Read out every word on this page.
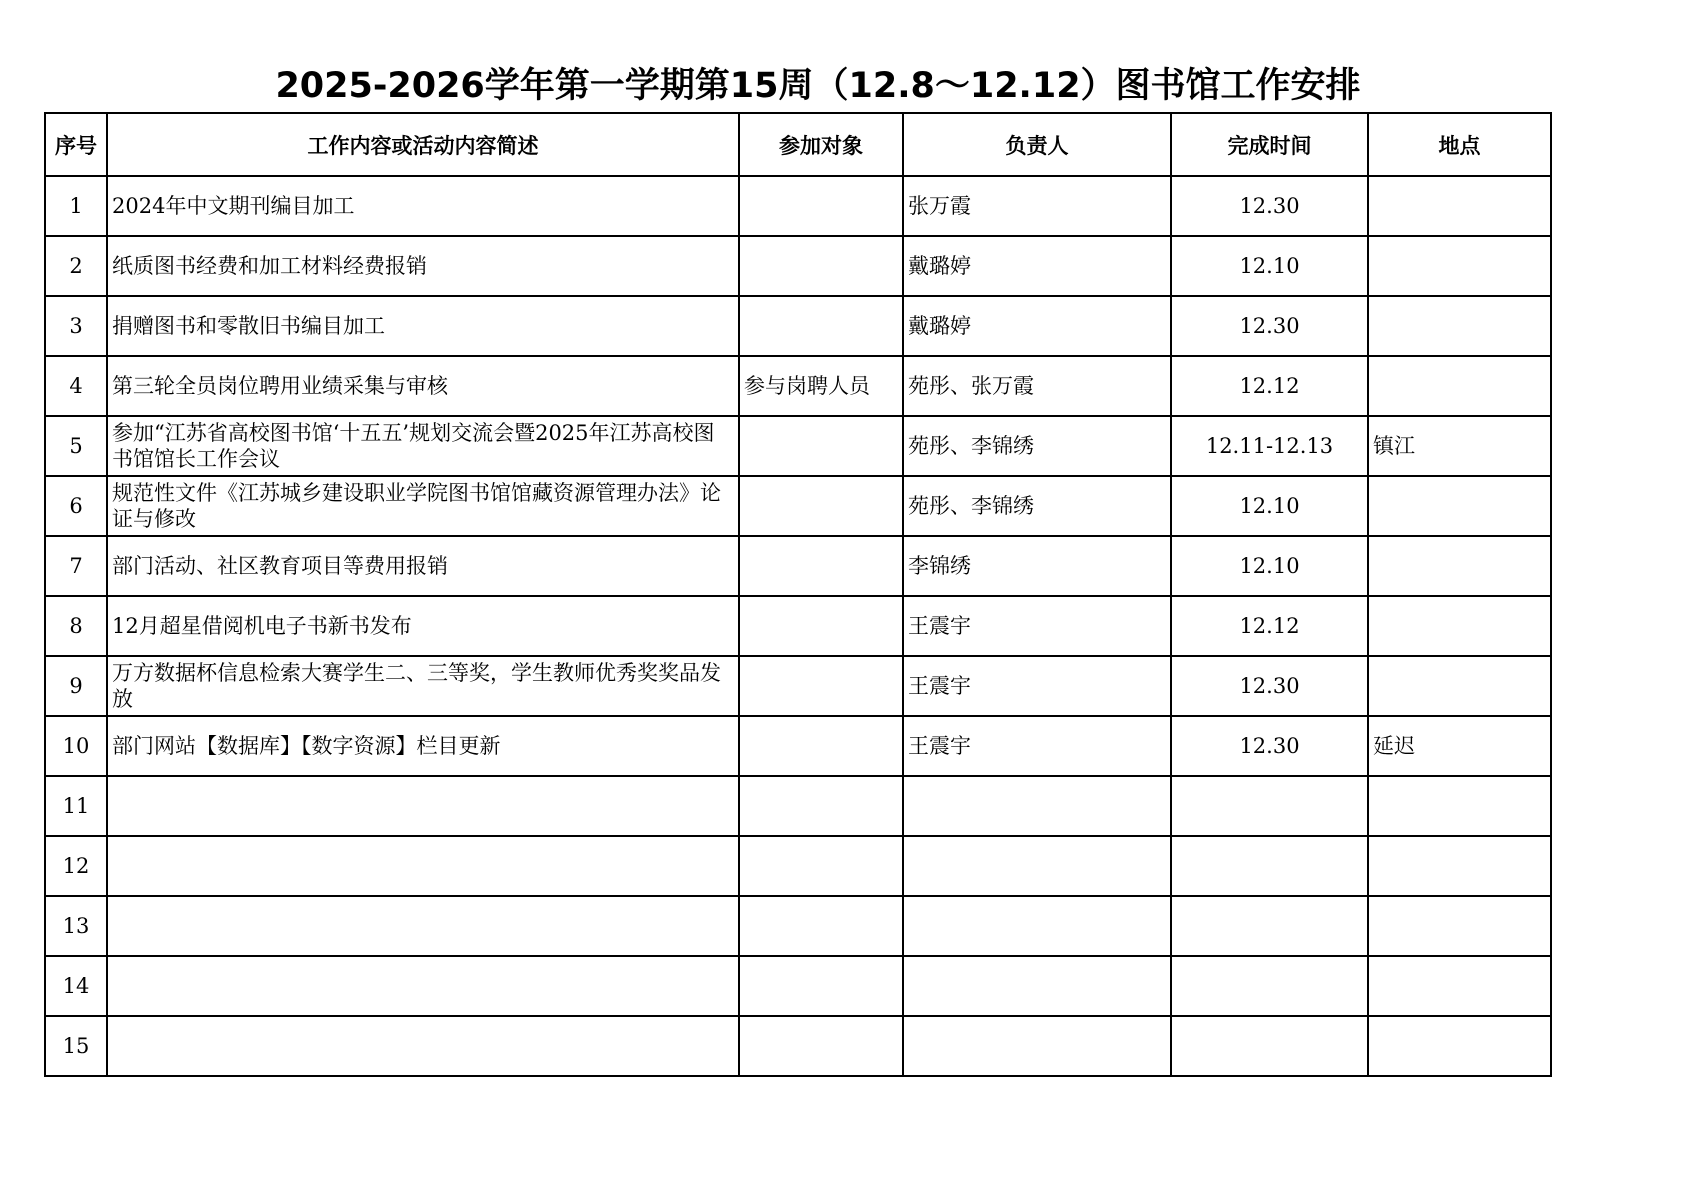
2025-2026学年第一学期第15周（12.8～12.12）图书馆工作安排
序号	工作内容或活动内容简述	参加对象	负责人	完成时间	地点
1	2024年中文期刊编目加工		张万霞	12.30	
2	纸质图书经费和加工材料经费报销		戴璐婷	12.10	
3	捐赠图书和零散旧书编目加工		戴璐婷	12.30	
4	第三轮全员岗位聘用业绩采集与审核	参与岗聘人员	苑彤、张万霞	12.12	
5	参加“江苏省高校图书馆‘十五五’规划交流会暨2025年江苏高校图书馆馆长工作会议		苑彤、李锦绣	12.11-12.13	镇江
6	规范性文件《江苏城乡建设职业学院图书馆馆藏资源管理办法》论证与修改		苑彤、李锦绣	12.10	
7	部门活动、社区教育项目等费用报销		李锦绣	12.10	
8	12月超星借阅机电子书新书发布		王震宇	12.12	
9	万方数据杯信息检索大赛学生二、三等奖，学生教师优秀奖奖品发放		王震宇	12.30	
10	部门网站【数据库】【数字资源】栏目更新		王震宇	12.30	延迟
11					
12					
13					
14					
15					
